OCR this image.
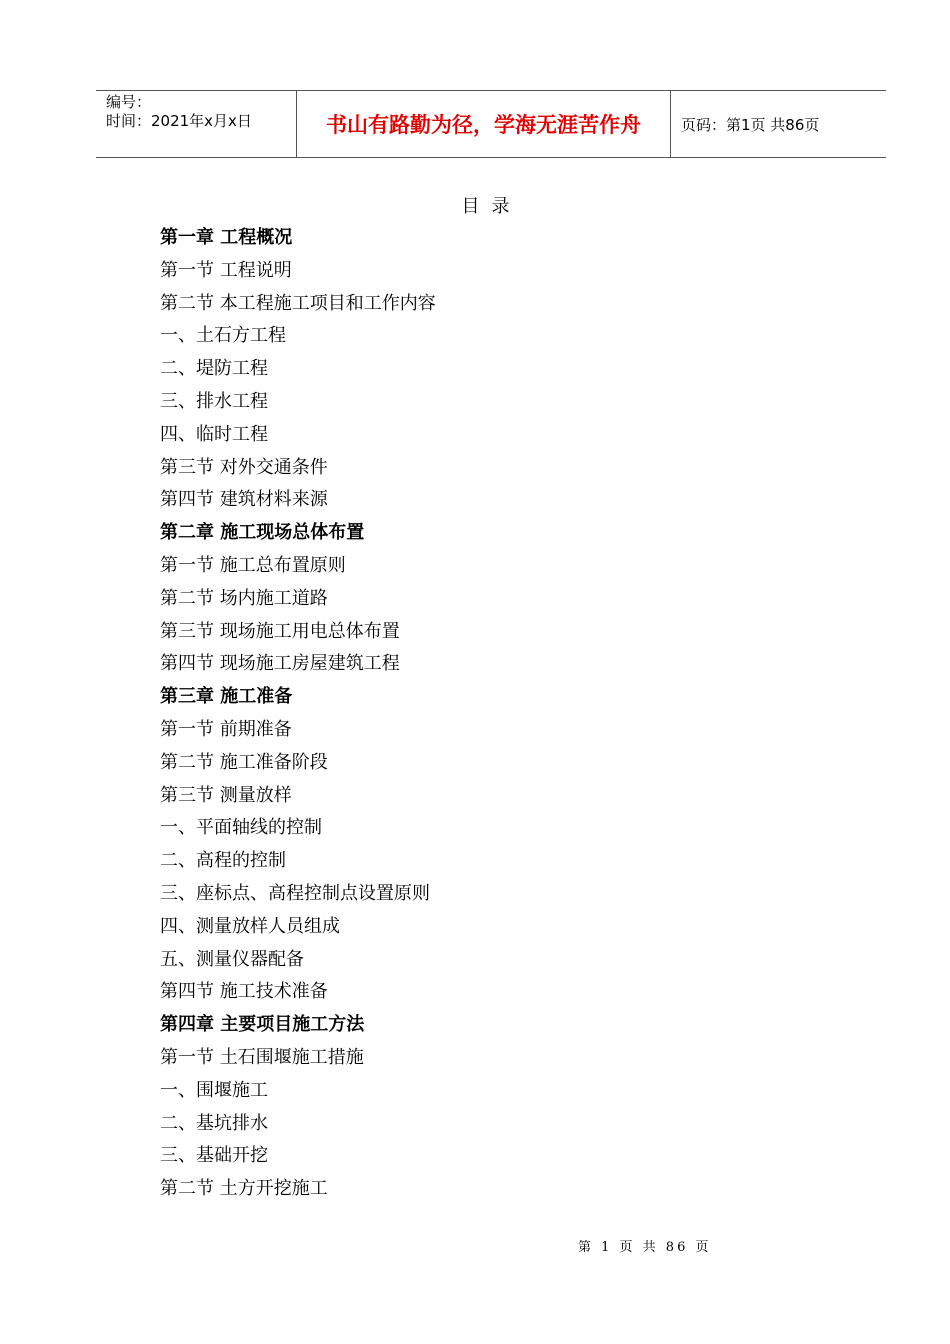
编号：
时间：2021年x月x日	书山有路勤为径，学海无涯苦作舟	页码：第1页 共86页
目录
第一章 工程概况
第一节 工程说明
第二节 本工程施工项目和工作内容
一、土石方工程
二、堤防工程
三、排水工程
四、临时工程
第三节 对外交通条件
第四节 建筑材料来源
第二章 施工现场总体布置
第一节 施工总布置原则
第二节 场内施工道路
第三节 现场施工用电总体布置
第四节 现场施工房屋建筑工程
第三章 施工准备
第一节 前期准备
第二节 施工准备阶段
第三节 测量放样
一、平面轴线的控制
二、高程的控制
三、座标点、高程控制点设置原则
四、测量放样人员组成
五、测量仪器配备
第四节 施工技术准备
第四章 主要项目施工方法
第一节 土石围堰施工措施
一、围堰施工
二、基坑排水
三、基础开挖
第二节 土方开挖施工
第 1 页 共 86 页
